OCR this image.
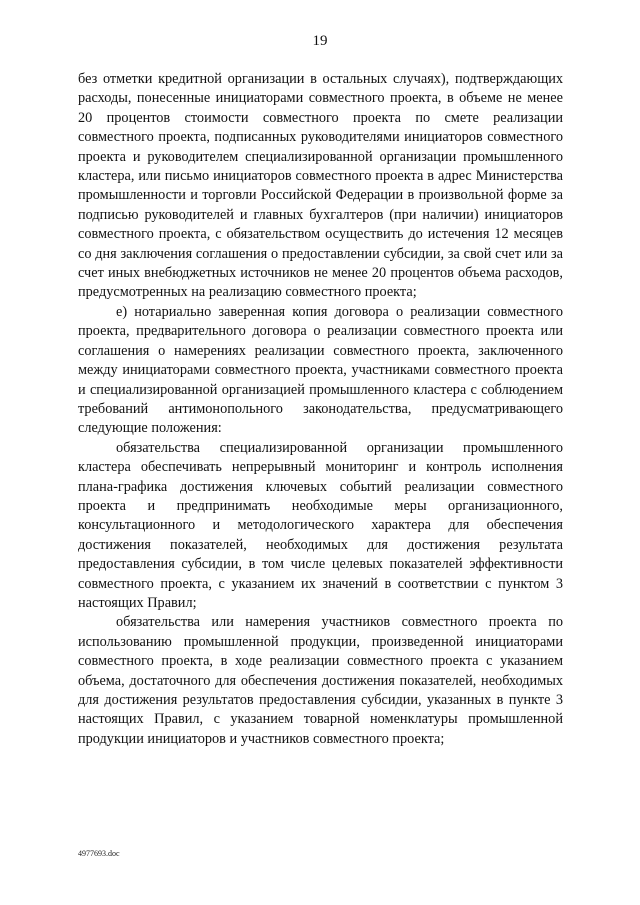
19

без отметки кредитной организации в остальных случаях), подтверждающих расходы, понесенные инициаторами совместного проекта, в объеме не менее 20 процентов стоимости совместного проекта по смете реализации совместного проекта, подписанных руководителями инициаторов совместного проекта и руководителем специализированной организации промышленного кластера, или письмо инициаторов совместного проекта в адрес Министерства промышленности и торговли Российской Федерации в произвольной форме за подписью руководителей и главных бухгалтеров (при наличии) инициаторов совместного проекта, с обязательством осуществить до истечения 12 месяцев со дня заключения соглашения о предоставлении субсидии, за свой счет или за счет иных внебюджетных источников не менее 20 процентов объема расходов, предусмотренных на реализацию совместного проекта;

е) нотариально заверенная копия договора о реализации совместного проекта, предварительного договора о реализации совместного проекта или соглашения о намерениях реализации совместного проекта, заключенного между инициаторами совместного проекта, участниками совместного проекта и специализированной организацией промышленного кластера с соблюдением требований антимонопольного законодательства, предусматривающего следующие положения:

обязательства специализированной организации промышленного кластера обеспечивать непрерывный мониторинг и контроль исполнения плана-графика достижения ключевых событий реализации совместного проекта и предпринимать необходимые меры организационного, консультационного и методологического характера для обеспечения достижения показателей, необходимых для достижения результата предоставления субсидии, в том числе целевых показателей эффективности совместного проекта, с указанием их значений в соответствии с пунктом 3 настоящих Правил;

обязательства или намерения участников совместного проекта по использованию промышленной продукции, произведенной инициаторами совместного проекта, в ходе реализации совместного проекта с указанием объема, достаточного для обеспечения достижения показателей, необходимых для достижения результатов предоставления субсидии, указанных в пункте 3 настоящих Правил, с указанием товарной номенклатуры промышленной продукции инициаторов и участников совместного проекта;

4977693.doc
